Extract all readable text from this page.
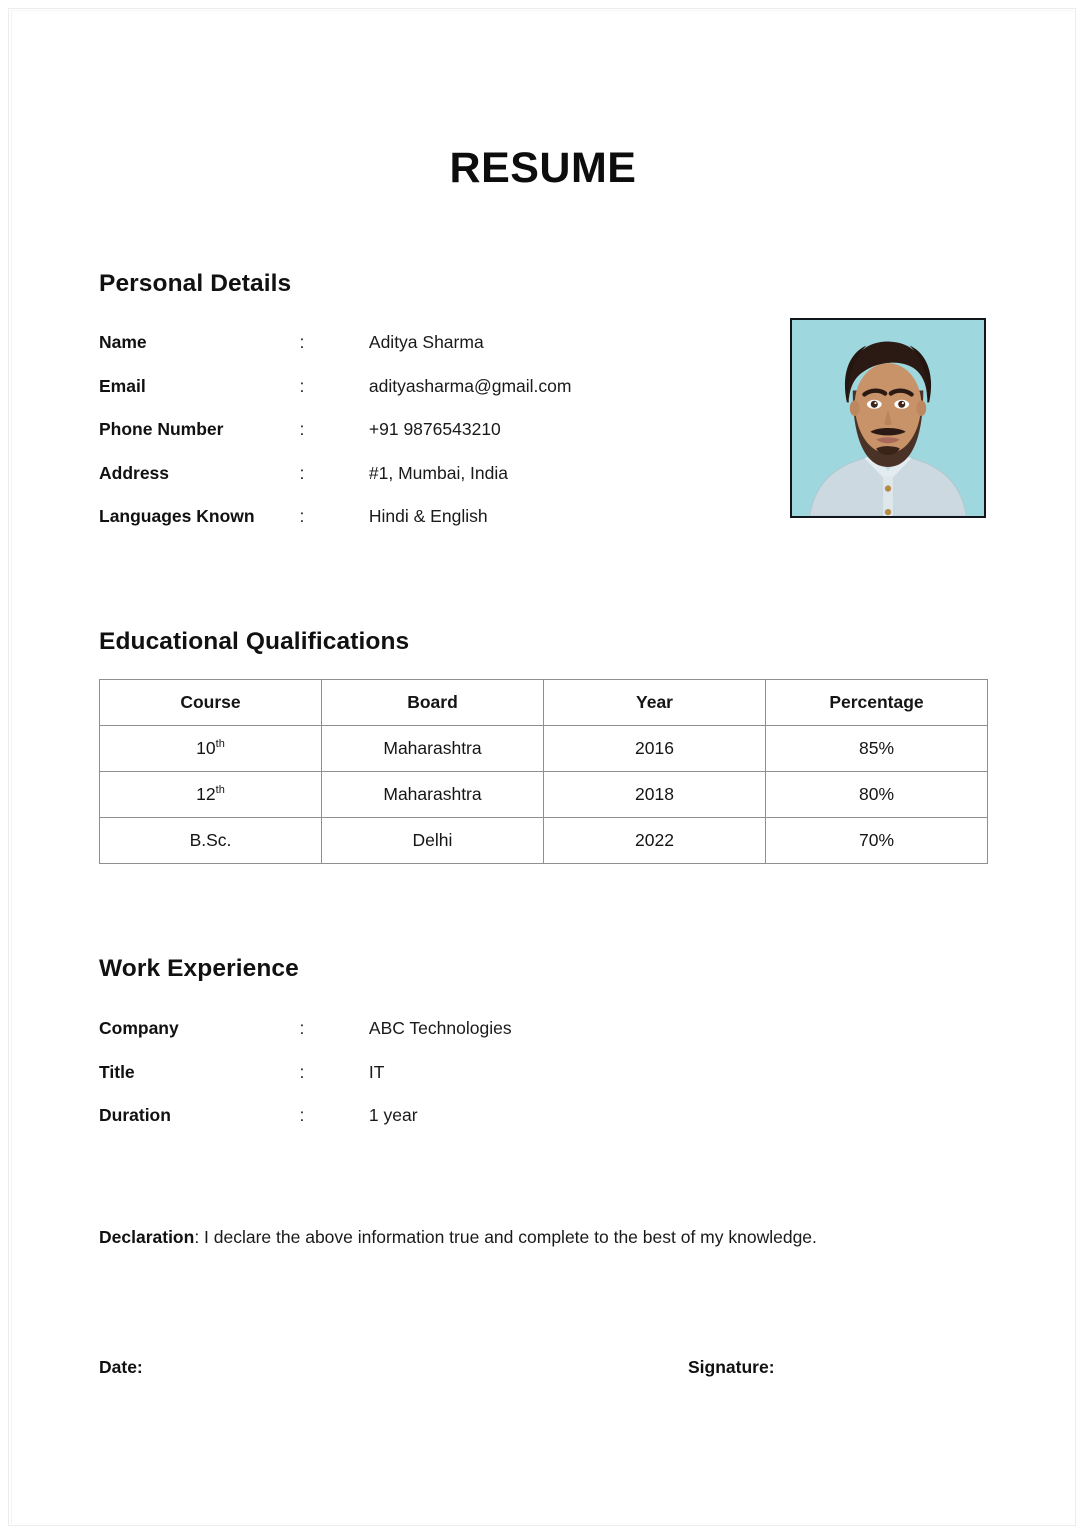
RESUME
Personal Details
Name	:	Aditya Sharma
Email	:	adityasharma@gmail.com
Phone Number	:	+91 9876543210
Address	:	#1, Mumbai, India
Languages Known	:	Hindi & English
Educational Qualifications
Course	Board	Year	Percentage
10th	Maharashtra	2016	85%
12th	Maharashtra	2018	80%
B.Sc.	Delhi	2022	70%
Work Experience
Company	:	ABC Technologies
Title	:	IT
Duration	:	1 year
Declaration: I declare the above information true and complete to the best of my knowledge.
Date:	Signature:
